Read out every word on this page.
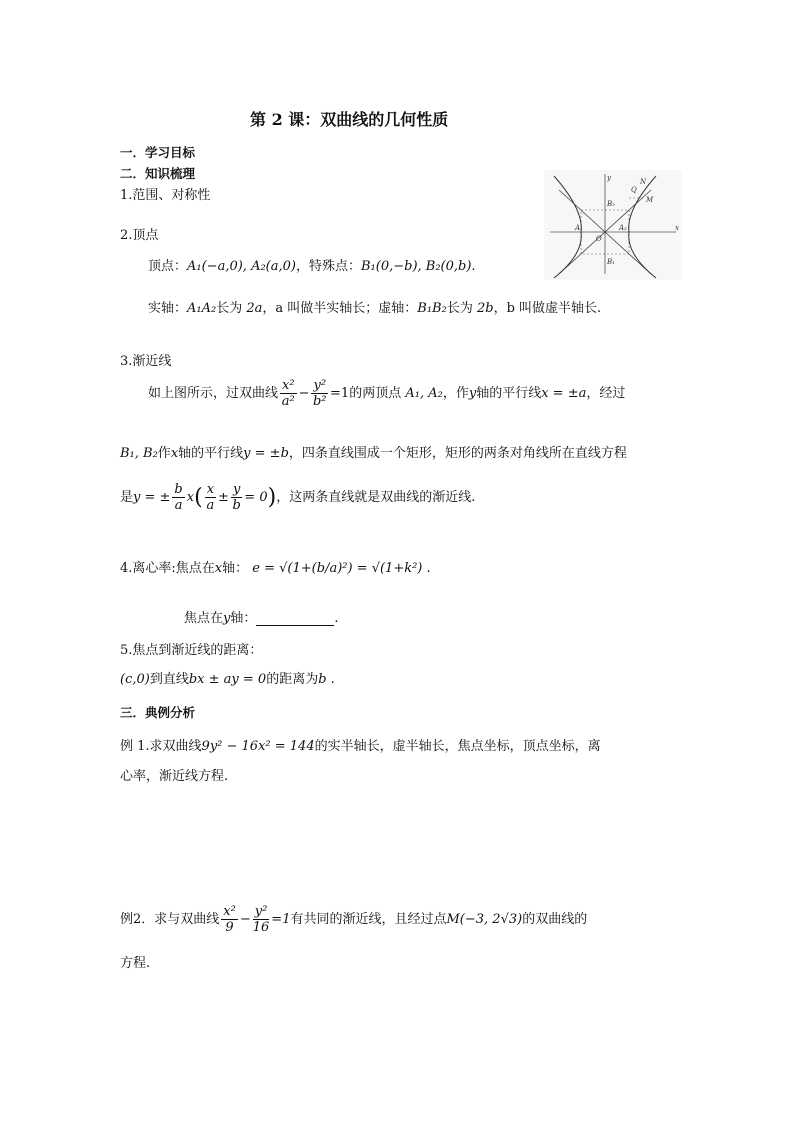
第 2 课：双曲线的几何性质
一．学习目标
二．知识梳理
1.范围、对称性
y
x
O
A₁	A₂
B₂
B₁
M
N
Q
2.顶点
顶点：A₁(−a,0), A₂(a,0)，特殊点：B₁(0,−b), B₂(0,b).
实轴：A₁A₂长为 2a，a 叫做半实轴长；虚轴：B₁B₂长为 2b，b 叫做虚半轴长.
3.渐近线
如上图所示，过双曲线 $\frac{\text{x²}}{\text{a²}} - \frac{\text{y²}}{\text{b²}} =1$的两顶点 A₁, A₂，作y轴的平行线x = ±a，经过
B₁, B₂作x轴的平行线y = ±b，四条直线围成一个矩形，矩形的两条对角线所在直线方程
是y = ± $\frac{b}{a} x( \frac{x}{a} \pm \frac{y}{b} = 0)$，这两条直线就是双曲线的渐近线.
4.离心率:焦点在x轴： e = √(1+(b/a)²) = √(1+k²) .
焦点在y轴：	.
5.焦点到渐近线的距离：
(c,0)到直线bx ± ay = 0的距离为b .
三．典例分析
例 1.求双曲线9y² − 16x² = 144的实半轴长，虚半轴长，焦点坐标，顶点坐标，离
心率，渐近线方程.
例2．求与双曲线 $\frac{\text{x²}}{9} - \frac{\text{y²}}{16} =1$有共同的渐近线，且经过点M(−3, 2√3)的双曲线的
方程.
